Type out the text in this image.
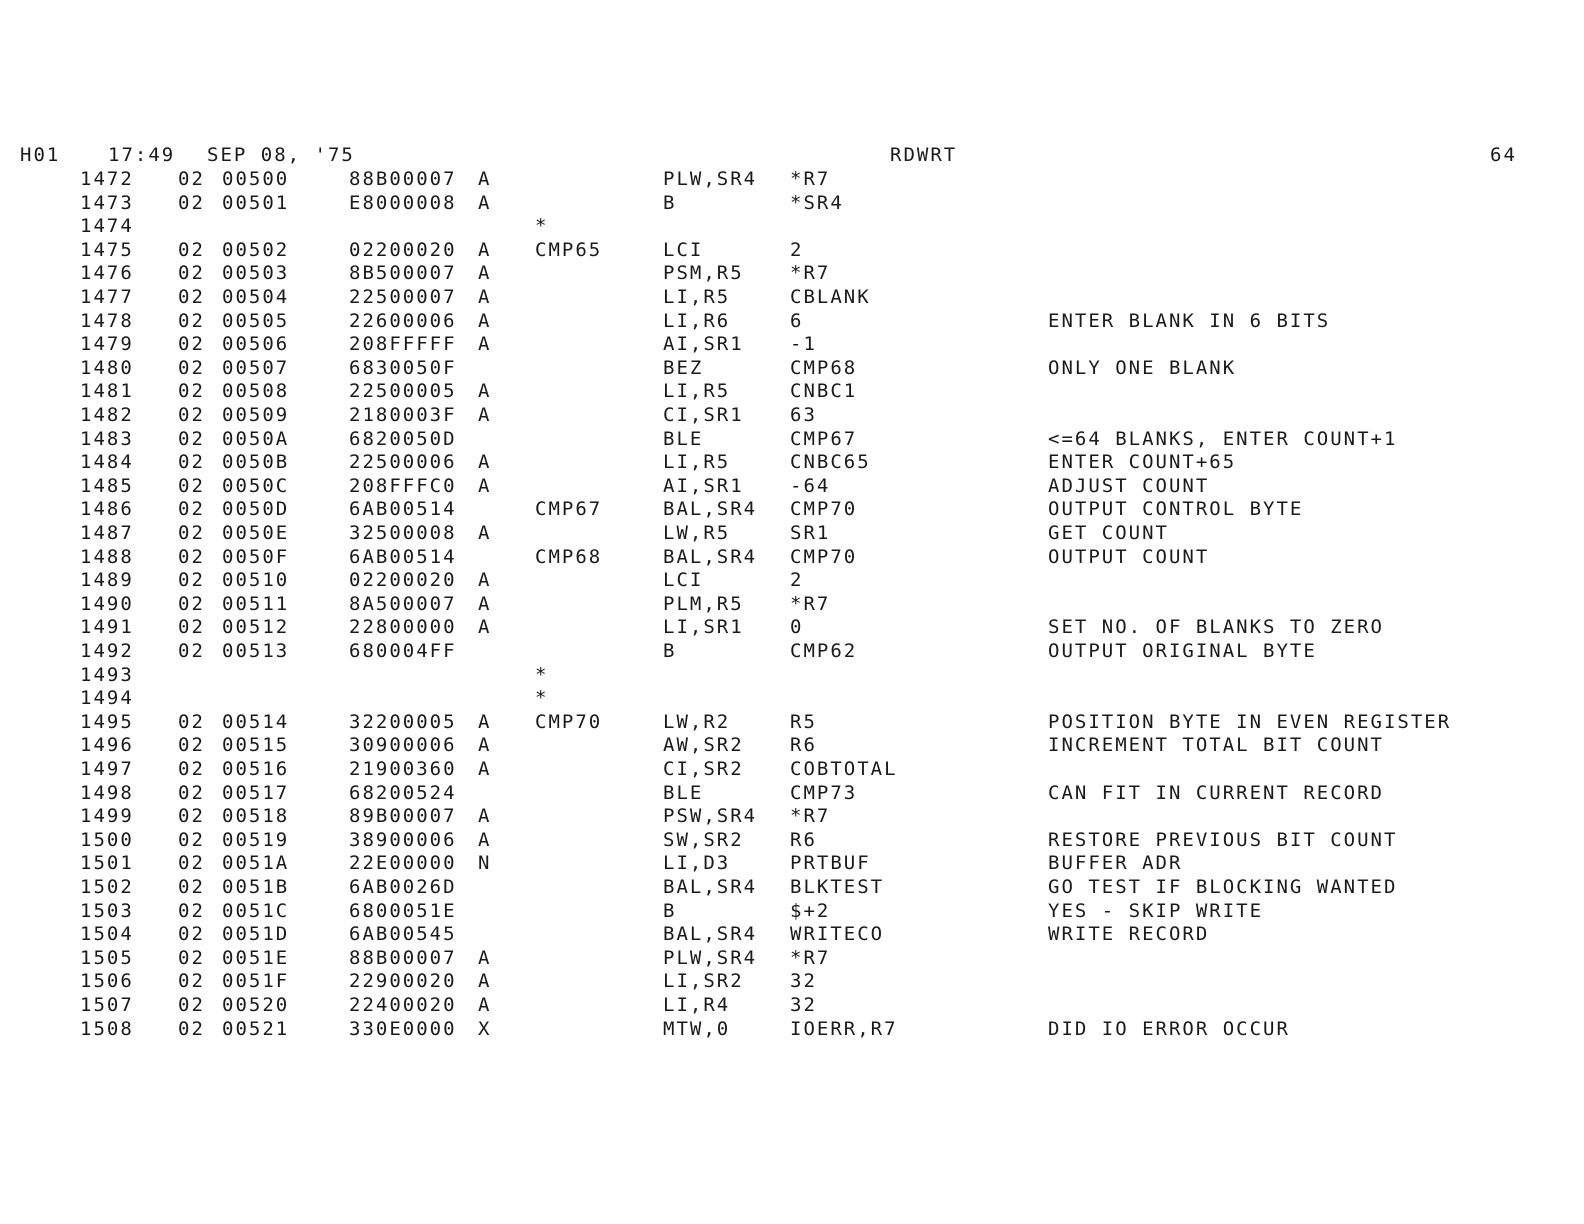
H01	17:49 SEP 08, '75	RDWRT	64
1472 02 00500	88B00007 A	PLW,SR4 *R7
1473 02 00501	E8000008 A	B	*SR4
1474	*
1475 02 00502	02200020 A CMP65	LCI	2
1476 02 00503	8B500007 A	PSM,R5 *R7
1477 02 00504	22500007 A	LI,R5	CBLANK
1478 02 00505	22600006 A	LI,R6	6	ENTER BLANK IN 6 BITS
1479 02 00506	208FFFFF A	AI,SR1 -1
1480 02 00507	6830050F	BEZ	CMP68	ONLY ONE BLANK
1481 02 00508	22500005 A	LI,R5	CNBC1
1482 02 00509	2180003F A	CI,SR1 63
1483 02 0050A	6820050D	BLE	CMP67	<=64 BLANKS, ENTER COUNT+1
1484 02 0050B	22500006 A	LI,R5	CNBC65	ENTER COUNT+65
1485 02 0050C	208FFFC0 A	AI,SR1 -64	ADJUST COUNT
1486 02 0050D	6AB00514	CMP67	BAL,SR4 CMP70	OUTPUT CONTROL BYTE
1487 02 0050E	32500008 A	LW,R5	SR1	GET COUNT
1488 02 0050F	6AB00514	CMP68	BAL,SR4 CMP70	OUTPUT COUNT
1489 02 00510	02200020 A	LCI	2
1490 02 00511	8A500007 A	PLM,R5 *R7
1491 02 00512	22800000 A	LI,SR1 0	SET NO. OF BLANKS TO ZERO
1492 02 00513	680004FF	B	CMP62	OUTPUT ORIGINAL BYTE
1493	*
1494	*
1495 02 00514	32200005 A CMP70	LW,R2	R5	POSITION BYTE IN EVEN REGISTER
1496 02 00515	30900006 A	AW,SR2 R6	INCREMENT TOTAL BIT COUNT
1497 02 00516	21900360 A	CI,SR2 COBTOTAL
1498 02 00517	68200524	BLE	CMP73	CAN FIT IN CURRENT RECORD
1499 02 00518	89B00007 A	PSW,SR4 *R7
1500 02 00519	38900006 A	SW,SR2 R6	RESTORE PREVIOUS BIT COUNT
1501 02 0051A	22E00000 N	LI,D3	PRTBUF	BUFFER ADR
1502 02 0051B	6AB0026D	BAL,SR4 BLKTEST	GO TEST IF BLOCKING WANTED
1503 02 0051C	6800051E	B	$+2	YES - SKIP WRITE
1504 02 0051D	6AB00545	BAL,SR4 WRITECO	WRITE RECORD
1505 02 0051E	88B00007 A	PLW,SR4 *R7
1506 02 0051F	22900020 A	LI,SR2 32
1507 02 00520	22400020 A	LI,R4	32
1508 02 00521	330E0000 X	MTW,0	IOERR,R7	DID IO ERROR OCCUR
